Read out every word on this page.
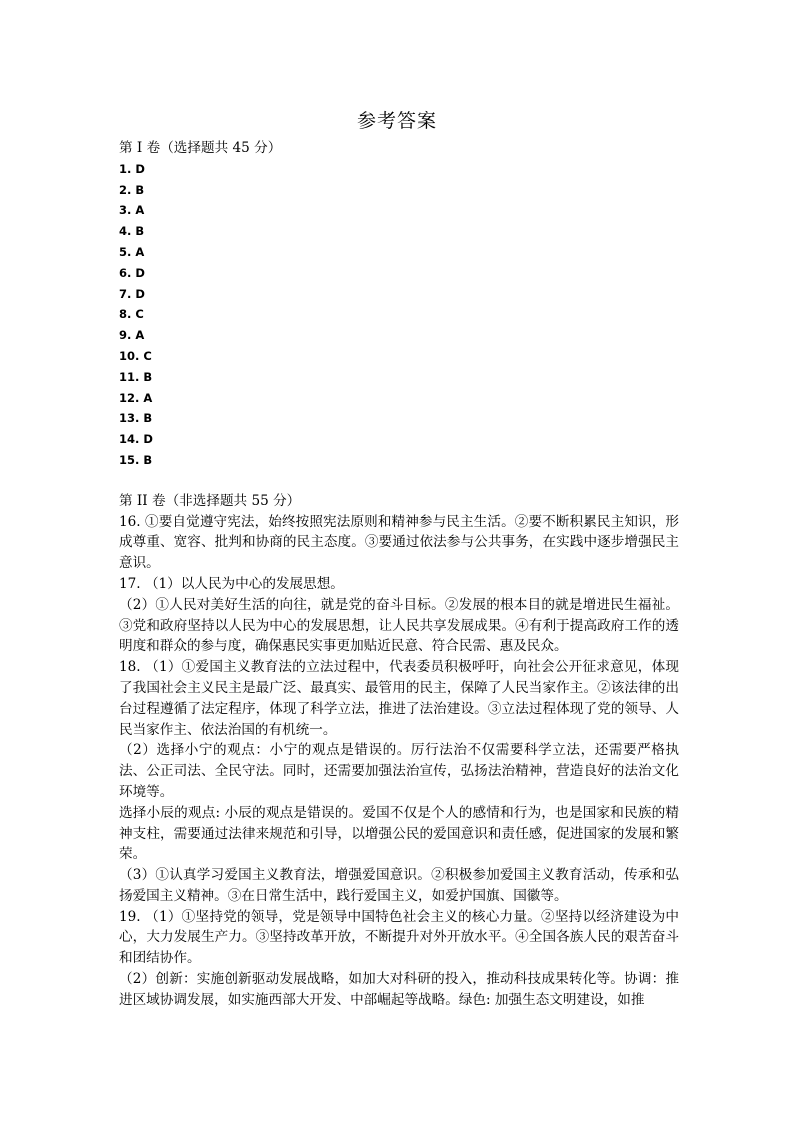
参考答案

第 I 卷（选择题共 45 分）

1. D

2. B

3. A

4. B

5. A

6. D

7. D

8. C

9. A

10. C

11. B

12. A

13. B

14. D

15. B

第 II 卷（非选择题共 55 分）

16. ①要自觉遵守宪法，始终按照宪法原则和精神参与民主生活。②要不断积累民主知识，形成尊重、宽容、批判和协商的民主态度。③要通过依法参与公共事务，在实践中逐步增强民主意识。

17. （1）以人民为中心的发展思想。

（2）①人民对美好生活的向往，就是党的奋斗目标。②发展的根本目的就是增进民生福祉。③党和政府坚持以人民为中心的发展思想，让人民共享发展成果。④有利于提高政府工作的透明度和群众的参与度，确保惠民实事更加贴近民意、符合民需、惠及民众。

18. （1）①爱国主义教育法的立法过程中，代表委员积极呼吁，向社会公开征求意见，体现了我国社会主义民主是最广泛、最真实、最管用的民主，保障了人民当家作主。②该法律的出台过程遵循了法定程序，体现了科学立法，推进了法治建设。③立法过程体现了党的领导、人民当家作主、依法治国的有机统一。

（2）选择小宁的观点：小宁的观点是错误的。厉行法治不仅需要科学立法，还需要严格执法、公正司法、全民守法。同时，还需要加强法治宣传，弘扬法治精神，营造良好的法治文化环境等。

选择小辰的观点: 小辰的观点是错误的。爱国不仅是个人的感情和行为，也是国家和民族的精神支柱，需要通过法律来规范和引导，以增强公民的爱国意识和责任感，促进国家的发展和繁荣。

（3）①认真学习爱国主义教育法，增强爱国意识。②积极参加爱国主义教育活动，传承和弘扬爱国主义精神。③在日常生活中，践行爱国主义，如爱护国旗、国徽等。

19. （1）①坚持党的领导，党是领导中国特色社会主义的核心力量。②坚持以经济建设为中心，大力发展生产力。③坚持改革开放，不断提升对外开放水平。④全国各族人民的艰苦奋斗和团结协作。

（2）创新：实施创新驱动发展战略，如加大对科研的投入，推动科技成果转化等。协调：推进区域协调发展，如实施西部大开发、中部崛起等战略。绿色: 加强生态文明建设，如推
